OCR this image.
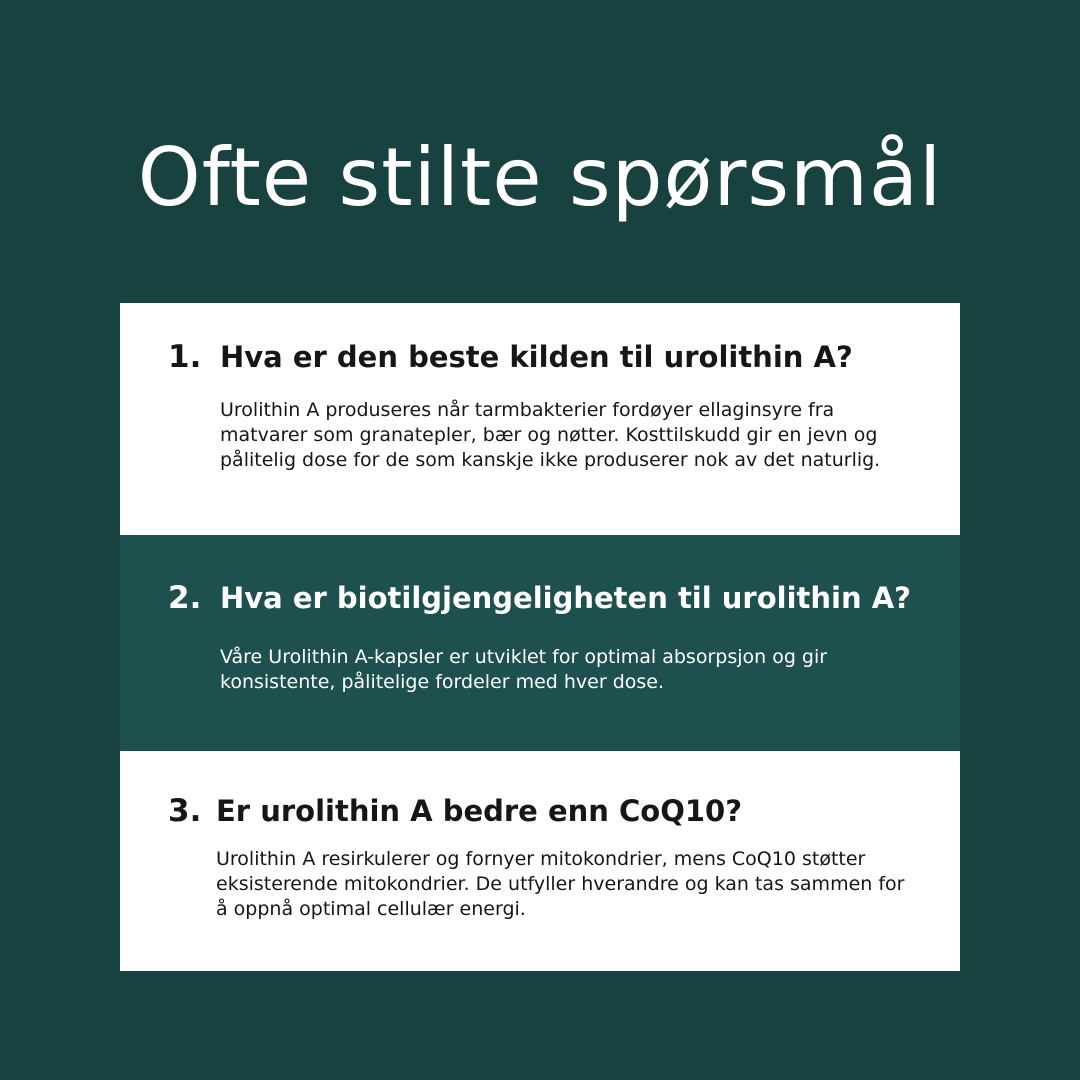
Ofte stilte spørsmål
1. Hva er den beste kilden til urolithin A?

Urolithin A produseres når tarmbakterier fordøyer ellaginsyre fra matvarer som granatepler, bær og nøtter. Kosttilskudd gir en jevn og pålitelig dose for de som kanskje ikke produserer nok av det naturlig.

2. Hva er biotilgjengeligheten til urolithin A?

Våre Urolithin A-kapsler er utviklet for optimal absorpsjon og gir konsistente, pålitelige fordeler med hver dose.

3. Er urolithin A bedre enn CoQ10?

Urolithin A resirkulerer og fornyer mitokondrier, mens CoQ10 støtter eksisterende mitokondrier. De utfyller hverandre og kan tas sammen for å oppnå optimal cellulær energi.
